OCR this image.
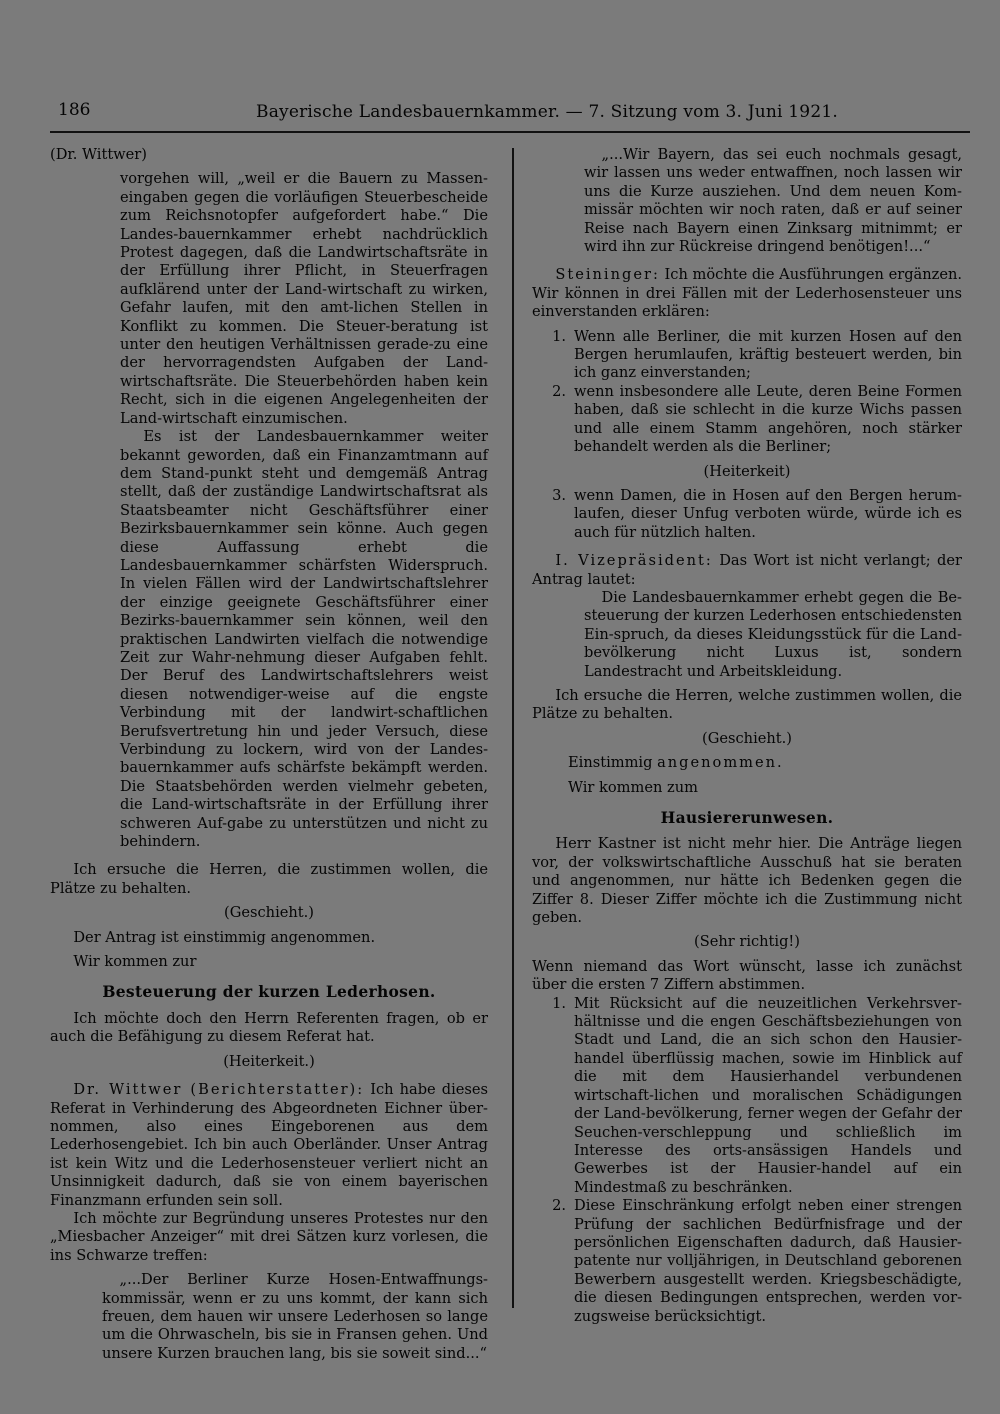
186	Bayerische Landesbauernkammer. — 7. Sitzung vom 3. Juni 1921.

(Dr. Wittwer)

vorgehen will, „weil er die Bauern zu Massen-eingaben gegen die vorläufigen Steuerbescheide zum Reichsnotopfer aufgefordert habe.“ Die Landes-bauernkammer erhebt nachdrücklich Protest dagegen, daß die Landwirtschaftsräte in der Erfüllung ihrer Pflicht, in Steuerfragen aufklärend unter der Land-wirtschaft zu wirken, Gefahr laufen, mit den amt-lichen Stellen in Konflikt zu kommen. Die Steuer-beratung ist unter den heutigen Verhältnissen gerade-zu eine der hervorragendsten Aufgaben der Land-wirtschaftsräte. Die Steuerbehörden haben kein Recht, sich in die eigenen Angelegenheiten der Land-wirtschaft einzumischen.

Es ist der Landesbauernkammer weiter bekannt geworden, daß ein Finanzamtmann auf dem Stand-punkt steht und demgemäß Antrag stellt, daß der zuständige Landwirtschaftsrat als Staatsbeamter nicht Geschäftsführer einer Bezirksbauernkammer sein könne. Auch gegen diese Auffassung erhebt die Landesbauernkammer schärfsten Widerspruch. In vielen Fällen wird der Landwirtschaftslehrer der einzige geeignete Geschäftsführer einer Bezirks-bauernkammer sein können, weil den praktischen Landwirten vielfach die notwendige Zeit zur Wahr-nehmung dieser Aufgaben fehlt. Der Beruf des Landwirtschaftslehrers weist diesen notwendiger-weise auf die engste Verbindung mit der landwirt-schaftlichen Berufsvertretung hin und jeder Versuch, diese Verbindung zu lockern, wird von der Landes-bauernkammer aufs schärfste bekämpft werden. Die Staatsbehörden werden vielmehr gebeten, die Land-wirtschaftsräte in der Erfüllung ihrer schweren Auf-gabe zu unterstützen und nicht zu behindern.

Ich ersuche die Herren, die zustimmen wollen, die Plätze zu behalten.

(Geschieht.)

Der Antrag ist einstimmig angenommen.

Wir kommen zur

Besteuerung der kurzen Lederhosen.

Ich möchte doch den Herrn Referenten fragen, ob er auch die Befähigung zu diesem Referat hat.

(Heiterkeit.)

Dr. Wittwer (Berichterstatter): Ich habe dieses Referat in Verhinderung des Abgeordneten Eichner über-nommen, also eines Eingeborenen aus dem Lederhosengebiet. Ich bin auch Oberländer. Unser Antrag ist kein Witz und die Lederhosensteuer verliert nicht an Unsinnigkeit dadurch, daß sie von einem bayerischen Finanzmann erfunden sein soll.

Ich möchte zur Begründung unseres Protestes nur den „Miesbacher Anzeiger“ mit drei Sätzen kurz vorlesen, die ins Schwarze treffen:

„...Der Berliner Kurze Hosen-Entwaffnungs-kommissär, wenn er zu uns kommt, der kann sich freuen, dem hauen wir unsere Lederhosen so lange um die Ohrwascheln, bis sie in Fransen gehen. Und unsere Kurzen brauchen lang, bis sie soweit sind...“

„...Wir Bayern, das sei euch nochmals gesagt, wir lassen uns weder entwaffnen, noch lassen wir uns die Kurze ausziehen. Und dem neuen Kom-missär möchten wir noch raten, daß er auf seiner Reise nach Bayern einen Zinksarg mitnimmt; er wird ihn zur Rückreise dringend benötigen!...“

Steininger: Ich möchte die Ausführungen ergänzen. Wir können in drei Fällen mit der Lederhosensteuer uns einverstanden erklären:

1. Wenn alle Berliner, die mit kurzen Hosen auf den Bergen herumlaufen, kräftig besteuert werden, bin ich ganz einverstanden;
2. wenn insbesondere alle Leute, deren Beine Formen haben, daß sie schlecht in die kurze Wichs passen und alle einem Stamm angehören, noch stärker behandelt werden als die Berliner;

(Heiterkeit)

3. wenn Damen, die in Hosen auf den Bergen herum-laufen, dieser Unfug verboten würde, würde ich es auch für nützlich halten.

I. Vizepräsident: Das Wort ist nicht verlangt; der Antrag lautet:

Die Landesbauernkammer erhebt gegen die Be-steuerung der kurzen Lederhosen entschiedensten Ein-spruch, da dieses Kleidungsstück für die Land-bevölkerung nicht Luxus ist, sondern Landestracht und Arbeitskleidung.

Ich ersuche die Herren, welche zustimmen wollen, die Plätze zu behalten.

(Geschieht.)

Einstimmig angenommen.

Wir kommen zum

Hausiererunwesen.

Herr Kastner ist nicht mehr hier. Die Anträge liegen vor, der volkswirtschaftliche Ausschuß hat sie beraten und angenommen, nur hätte ich Bedenken gegen die Ziffer 8. Dieser Ziffer möchte ich die Zustimmung nicht geben.

(Sehr richtig!)

Wenn niemand das Wort wünscht, lasse ich zunächst über die ersten 7 Ziffern abstimmen.

1. Mit Rücksicht auf die neuzeitlichen Verkehrsver-hältnisse und die engen Geschäftsbeziehungen von Stadt und Land, die an sich schon den Hausier-handel überflüssig machen, sowie im Hinblick auf die mit dem Hausierhandel verbundenen wirtschaft-lichen und moralischen Schädigungen der Land-bevölkerung, ferner wegen der Gefahr der Seuchen-verschleppung und schließlich im Interesse des orts-ansässigen Handels und Gewerbes ist der Hausier-handel auf ein Mindestmaß zu beschränken.
2. Diese Einschränkung erfolgt neben einer strengen Prüfung der sachlichen Bedürfnisfrage und der persönlichen Eigenschaften dadurch, daß Hausier-patente nur volljährigen, in Deutschland geborenen Bewerbern ausgestellt werden. Kriegsbeschädigte, die diesen Bedingungen entsprechen, werden vor-zugsweise berücksichtigt.
